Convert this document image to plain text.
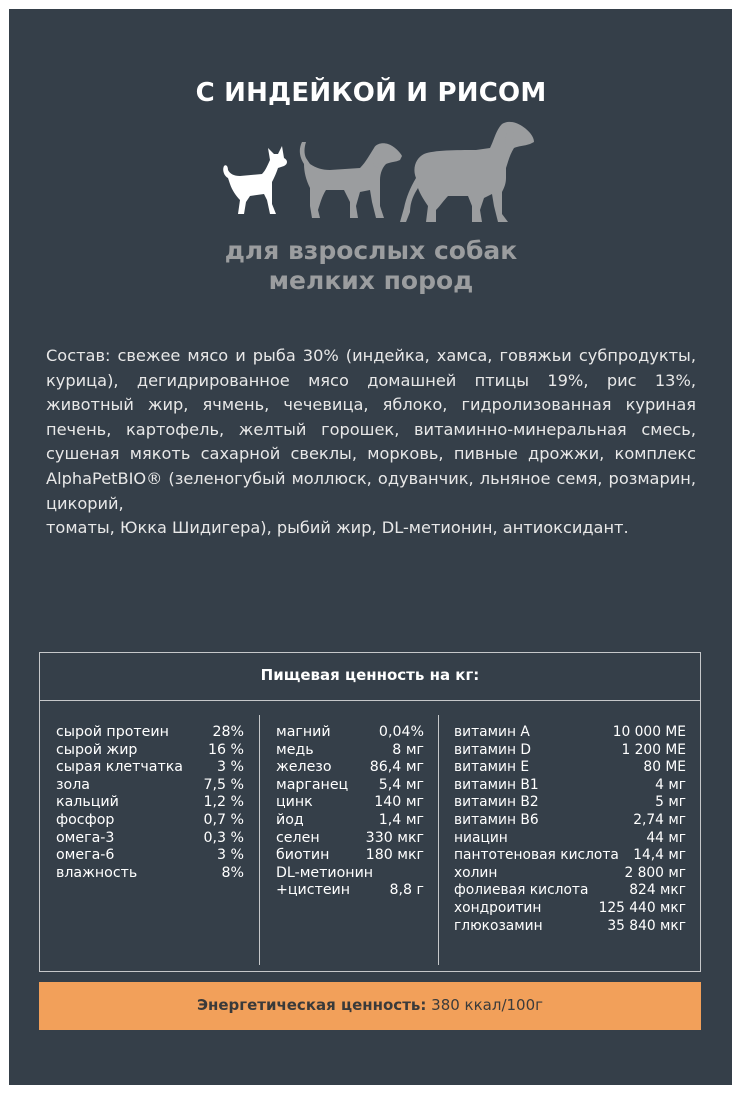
С ИНДЕЙКОЙ И РИСОМ
для взрослых собак
мелких пород
Состав: свежее мясо и рыба 30% (индейка, хамса, говяжьи субпродукты, курица), дегидрированное мясо домашней птицы 19%, рис 13%, животный жир, ячмень, чечевица, яблоко, гидролизованная куриная печень, картофель, желтый горошек, витаминно-минеральная смесь, сушеная мякоть сахарной свеклы, морковь, пивные дрожжи, комплекс AlphaPetBIO® (зеленогубый моллюск, одуванчик, льняное семя, розмарин, цикорий,
томаты, Юкка Шидигера), рыбий жир, DL-метионин, антиоксидант.
Пищевая ценность на кг:
сырой протеин	28%
сырой жир	16 %
сырая клетчатка 3 %
зола	7,5 %
кальций	1,2 %
фосфор	0,7 %
омега-3	0,3 %
омега-6	3 %
влажность	8%
магний	0,04%
медь	8 мг
железо	86,4 мг
марганец 5,4 мг
цинк	140 мг
йод	1,4 мг
селен	330 мкг
биотин	180 мкг
DL-метионин
+цистеин	8,8 г
витамин А	10 000 МЕ
витамин D	1 200 МЕ
витамин Е	80 МЕ
витамин В1	4 мг
витамин В2	5 мг
витамин В6	2,74 мг
ниацин	44 мг
пантотеновая кислота 14,4 мг
холин	2 800 мг
фолиевая кислота	824 мкг
хондроитин	125 440 мкг
глюкозамин	35 840 мкг
Энергетическая ценность: 380 ккал/100г
